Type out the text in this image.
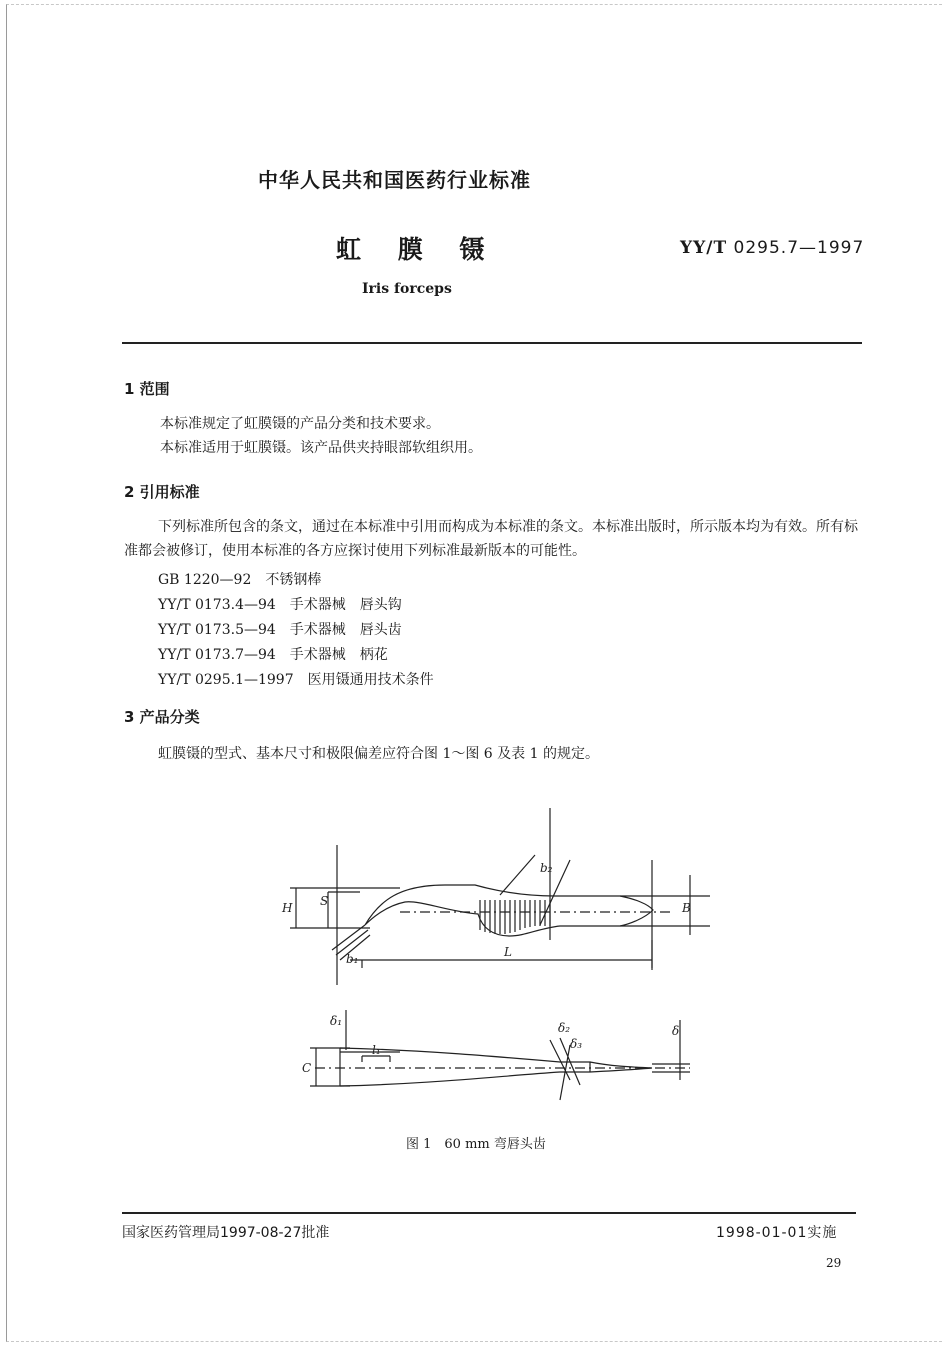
中华人民共和国医药行业标准
虹 膜 镊	YY/T 0295.7—1997
Iris forceps
1 范围
本标准规定了虹膜镊的产品分类和技术要求。
本标准适用于虹膜镊。该产品供夹持眼部软组织用。
2 引用标准
下列标准所包含的条文，通过在本标准中引用而构成为本标准的条文。本标准出版时，所示版本均为有效。所有标准都会被修订，使用本标准的各方应探讨使用下列标准最新版本的可能性。
GB 1220—92　不锈钢棒
YY/T 0173.4—94　手术器械　唇头钩
YY/T 0173.5—94　手术器械　唇头齿
YY/T 0173.7—94　手术器械　柄花
YY/T 0295.1—1997　医用镊通用技术条件
3 产品分类
虹膜镊的型式、基本尺寸和极限偏差应符合图 1～图 6 及表 1 的规定。
H S
b₁
b₂
B
L
δ₁	δ₂
δ₃
δ
C
l₁
图 1　60 mm 弯唇头齿
国家医药管理局1997-08-27批准	1998-01-01实施
29
